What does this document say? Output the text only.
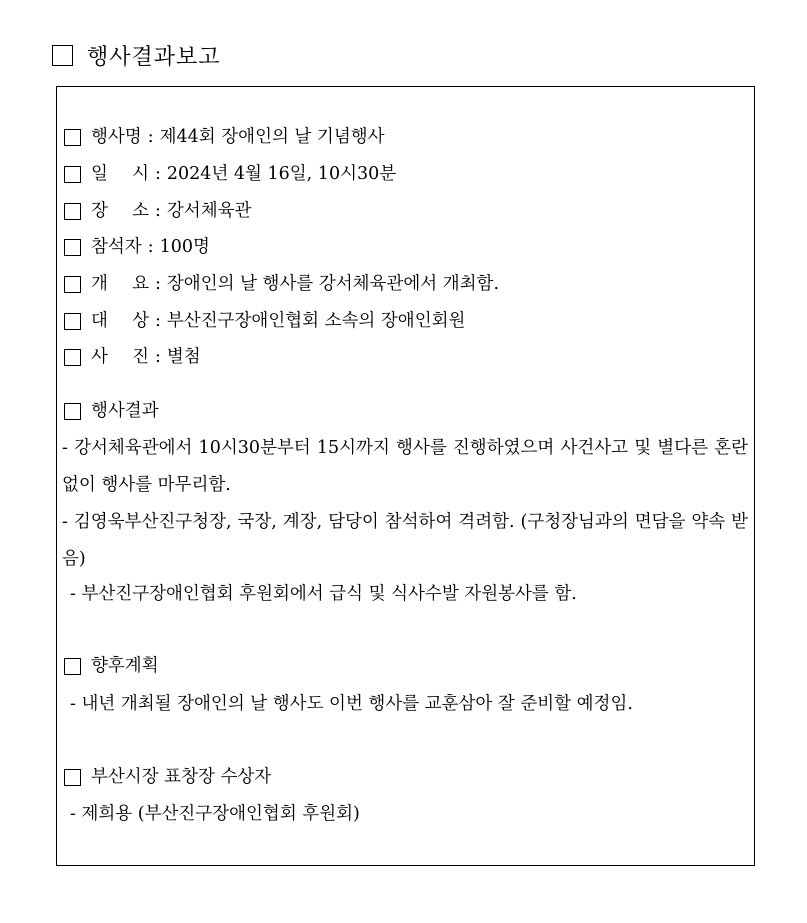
행사결과보고
행사명 : 제44회 장애인의 날 기념행사
일 시 : 2024년 4월 16일, 10시30분
장 소 : 강서체육관
참석자 : 100명
개 요 : 장애인의 날 행사를 강서체육관에서 개최함.
대 상 : 부산진구장애인협회 소속의 장애인회원
사 진 : 별첨
행사결과
- 강서체육관에서 10시30분부터 15시까지 행사를 진행하였으며 사건사고 및 별다른 혼란 없이 행사를 마무리함.
- 김영욱부산진구청장, 국장, 계장, 담당이 참석하여 격려함. (구청장님과의 면담을 약속 받음)
- 부산진구장애인협회 후원회에서 급식 및 식사수발 자원봉사를 함.
향후계획
- 내년 개최될 장애인의 날 행사도 이번 행사를 교훈삼아 잘 준비할 예정임.
부산시장 표창장 수상자
- 제희용 (부산진구장애인협회 후원회)
